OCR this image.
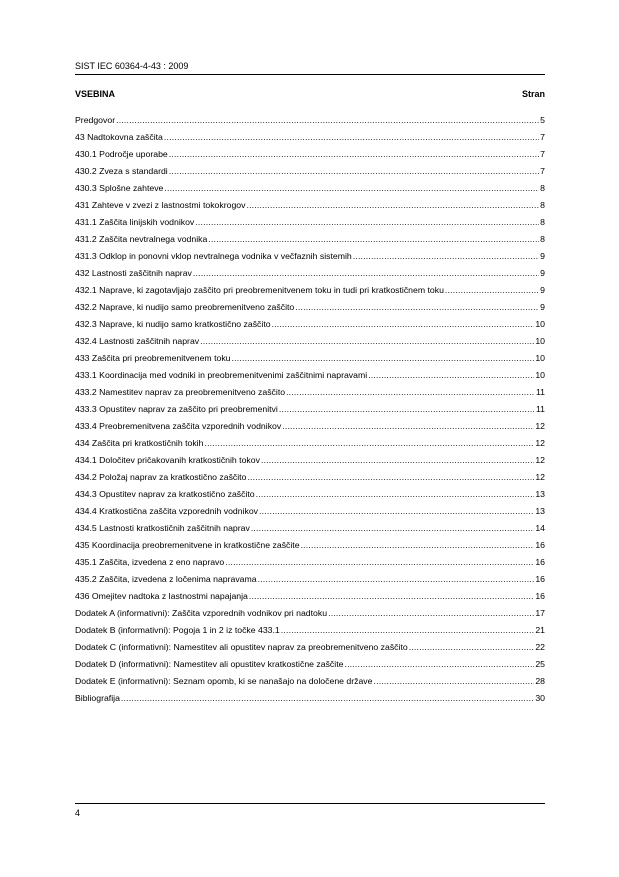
SIST IEC 60364-4-43 : 2009
VSEBINA	Stran
Predgovor .....	5
43 Nadtokovna zaščita .....	7
430.1 Področje uporabe .....	7
430.2 Zveza s standardi .....	7
430.3 Splošne zahteve .....	8
431 Zahteve v zvezi z lastnostmi tokokrogov .....	8
431.1 Zaščita linijskih vodnikov .....	8
431.2 Zaščita nevtralnega vodnika .....	8
431.3 Odklop in ponovni vklop nevtralnega vodnika v večfaznih sistemih .....	9
432 Lastnosti zaščitnih naprav .....	9
432.1 Naprave, ki zagotavljajo zaščito pri preobremenitvenem toku in tudi pri kratkostičnem toku .....	9
432.2 Naprave, ki nudijo samo preobremenitveno zaščito .....	9
432.3 Naprave, ki nudijo samo kratkostično zaščito .....	10
432.4 Lastnosti zaščitnih naprav .....	10
433 Zaščita pri preobremenitvenem toku .....	10
433.1 Koordinacija med vodniki in preobremenitvenimi zaščitnimi napravami .....	10
433.2 Namestitev naprav za preobremenitveno zaščito .....	11
433.3 Opustitev naprav za zaščito pri preobremenitvi .....	11
433.4 Preobremenitvena zaščita vzporednih vodnikov .....	12
434 Zaščita pri kratkostičnih tokih .....	12
434.1 Določitev pričakovanih kratkostičnih tokov .....	12
434.2 Položaj naprav za kratkostično zaščito .....	12
434.3 Opustitev naprav za kratkostično zaščito .....	13
434.4 Kratkostična zaščita vzporednih vodnikov .....	13
434.5 Lastnosti kratkostičnih zaščitnih naprav .....	14
435 Koordinacija preobremenitvene in kratkostične zaščite .....	16
435.1 Zaščita, izvedena z eno napravo .....	16
435.2 Zaščita, izvedena z ločenima napravama .....	16
436 Omejitev nadtoka z lastnostmi napajanja .....	16
Dodatek A (informativni): Zaščita vzporednih vodnikov pri nadtoku .....	17
Dodatek B (informativni): Pogoja 1 in 2 iz točke 433.1 .....	21
Dodatek C (informativni): Namestitev ali opustitev naprav za preobremenitveno zaščito .....	22
Dodatek D (informativni): Namestitev ali opustitev kratkostične zaščite .....	25
Dodatek E (informativni): Seznam opomb, ki se nanašajo na določene države .....	28
Bibliografija .....	30
4
